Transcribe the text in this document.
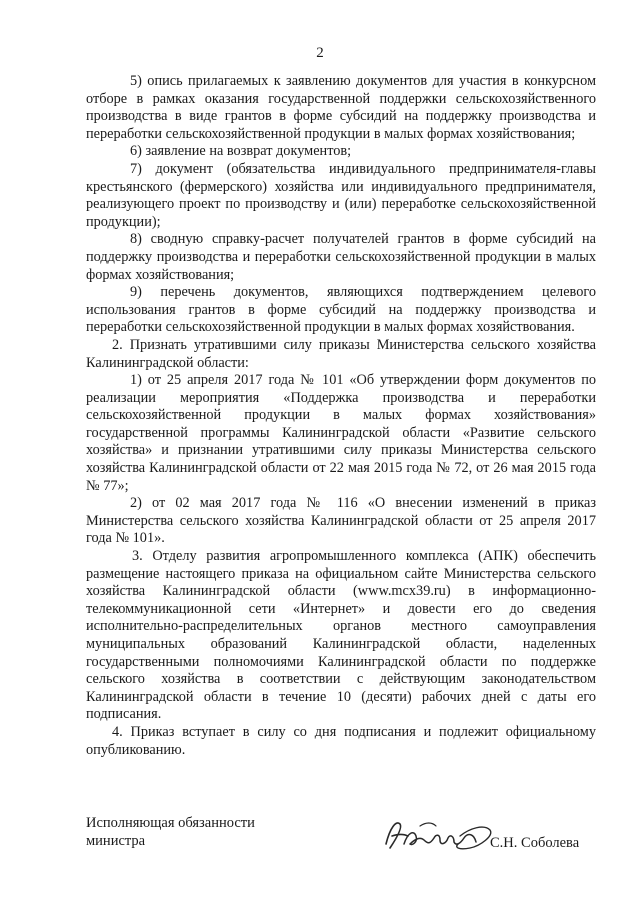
2

5) опись прилагаемых к заявлению документов для участия в конкурсном отборе в рамках оказания государственной поддержки сельскохозяйственного производства в виде грантов в форме субсидий на поддержку производства и переработки сельскохозяйственной продукции в малых формах хозяйствования;

6) заявление на возврат документов;

7) документ (обязательства индивидуального предпринимателя-главы крестьянского (фермерского) хозяйства или индивидуального предпринимателя, реализующего проект по производству и (или) переработке сельскохозяйственной продукции);

8) сводную справку-расчет получателей грантов в форме субсидий на поддержку производства и переработки сельскохозяйственной продукции в малых формах хозяйствования;

9) перечень документов, являющихся подтверждением целевого использования грантов в форме субсидий на поддержку производства и переработки сельскохозяйственной продукции в малых формах хозяйствования.

2. Признать утратившими силу приказы Министерства сельского хозяйства Калининградской области:

1) от 25 апреля 2017 года № 101 «Об утверждении форм документов по реализации мероприятия «Поддержка производства и переработки сельскохозяйственной продукции в малых формах хозяйствования» государственной программы Калининградской области «Развитие сельского хозяйства» и признании утратившими силу приказы Министерства сельского хозяйства Калининградской области от 22 мая 2015 года № 72, от 26 мая 2015 года № 77»;

2) от 02 мая 2017 года № 116 «О внесении изменений в приказ Министерства сельского хозяйства Калининградской области от 25 апреля 2017 года № 101».

3. Отделу развития агропромышленного комплекса (АПК) обеспечить размещение настоящего приказа на официальном сайте Министерства сельского хозяйства Калининградской области (www.mcx39.ru) в информационно-телекоммуникационной сети «Интернет» и довести его до сведения исполнительно-распределительных органов местного самоуправления муниципальных образований Калининградской области, наделенных государственными полномочиями Калининградской области по поддержке сельского хозяйства в соответствии с действующим законодательством Калининградской области в течение 10 (десяти) рабочих дней с даты его подписания.

4. Приказ вступает в силу со дня подписания и подлежит официальному опубликованию.

Исполняющая обязанности
министра	С.Н. Соболева
